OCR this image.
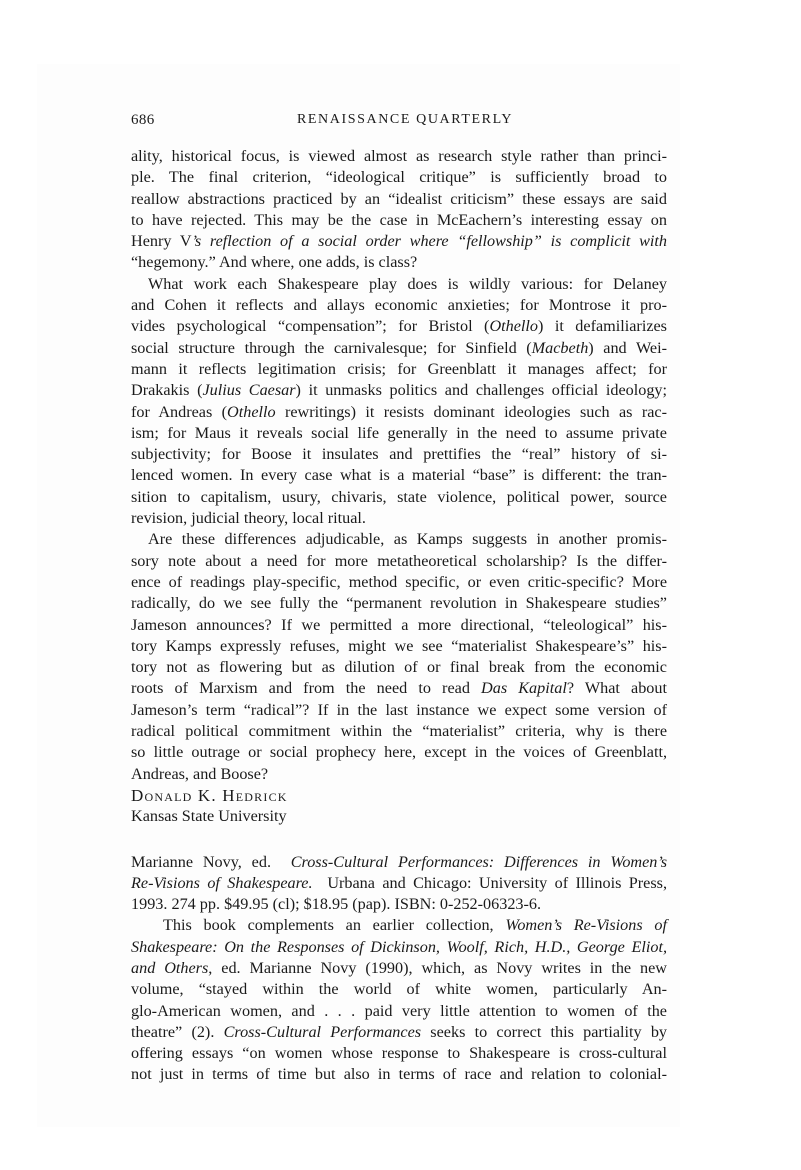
686	RENAISSANCE QUARTERLY
ality, historical focus, is viewed almost as research style rather than princi-
ple. The final criterion, “ideological critique” is sufficiently broad to
reallow abstractions practiced by an “idealist criticism” these essays are said
to have rejected. This may be the case in McEachern’s interesting essay on
Henry V’s reflection of a social order where “fellowship” is complicit with
“hegemony.” And where, one adds, is class?
What work each Shakespeare play does is wildly various: for Delaney
and Cohen it reflects and allays economic anxieties; for Montrose it pro-
vides psychological “compensation”; for Bristol (Othello) it defamiliarizes
social structure through the carnivalesque; for Sinfield (Macbeth) and Wei-
mann it reflects legitimation crisis; for Greenblatt it manages affect; for
Drakakis (Julius Caesar) it unmasks politics and challenges official ideology;
for Andreas (Othello rewritings) it resists dominant ideologies such as rac-
ism; for Maus it reveals social life generally in the need to assume private
subjectivity; for Boose it insulates and prettifies the “real” history of si-
lenced women. In every case what is a material “base” is different: the tran-
sition to capitalism, usury, chivaris, state violence, political power, source
revision, judicial theory, local ritual.
Are these differences adjudicable, as Kamps suggests in another promis-
sory note about a need for more metatheoretical scholarship? Is the differ-
ence of readings play-specific, method specific, or even critic-specific? More
radically, do we see fully the “permanent revolution in Shakespeare studies”
Jameson announces? If we permitted a more directional, “teleological” his-
tory Kamps expressly refuses, might we see “materialist Shakespeare’s” his-
tory not as flowering but as dilution of or final break from the economic
roots of Marxism and from the need to read Das Kapital? What about
Jameson’s term “radical”? If in the last instance we expect some version of
radical political commitment within the “materialist” criteria, why is there
so little outrage or social prophecy here, except in the voices of Greenblatt,
Andreas, and Boose?
Donald K. Hedrick
Kansas State University
Marianne Novy, ed. Cross-Cultural Performances: Differences in Women’s
Re-Visions of Shakespeare. Urbana and Chicago: University of Illinois Press,
1993. 274 pp. $49.95 (cl); $18.95 (pap). ISBN: 0-252-06323-6.
This book complements an earlier collection, Women’s Re-Visions of
Shakespeare: On the Responses of Dickinson, Woolf, Rich, H.D., George Eliot,
and Others, ed. Marianne Novy (1990), which, as Novy writes in the new
volume, “stayed within the world of white women, particularly An-
glo-American women, and . . . paid very little attention to women of the
theatre” (2). Cross-Cultural Performances seeks to correct this partiality by
offering essays “on women whose response to Shakespeare is cross-cultural
not just in terms of time but also in terms of race and relation to colonial-
